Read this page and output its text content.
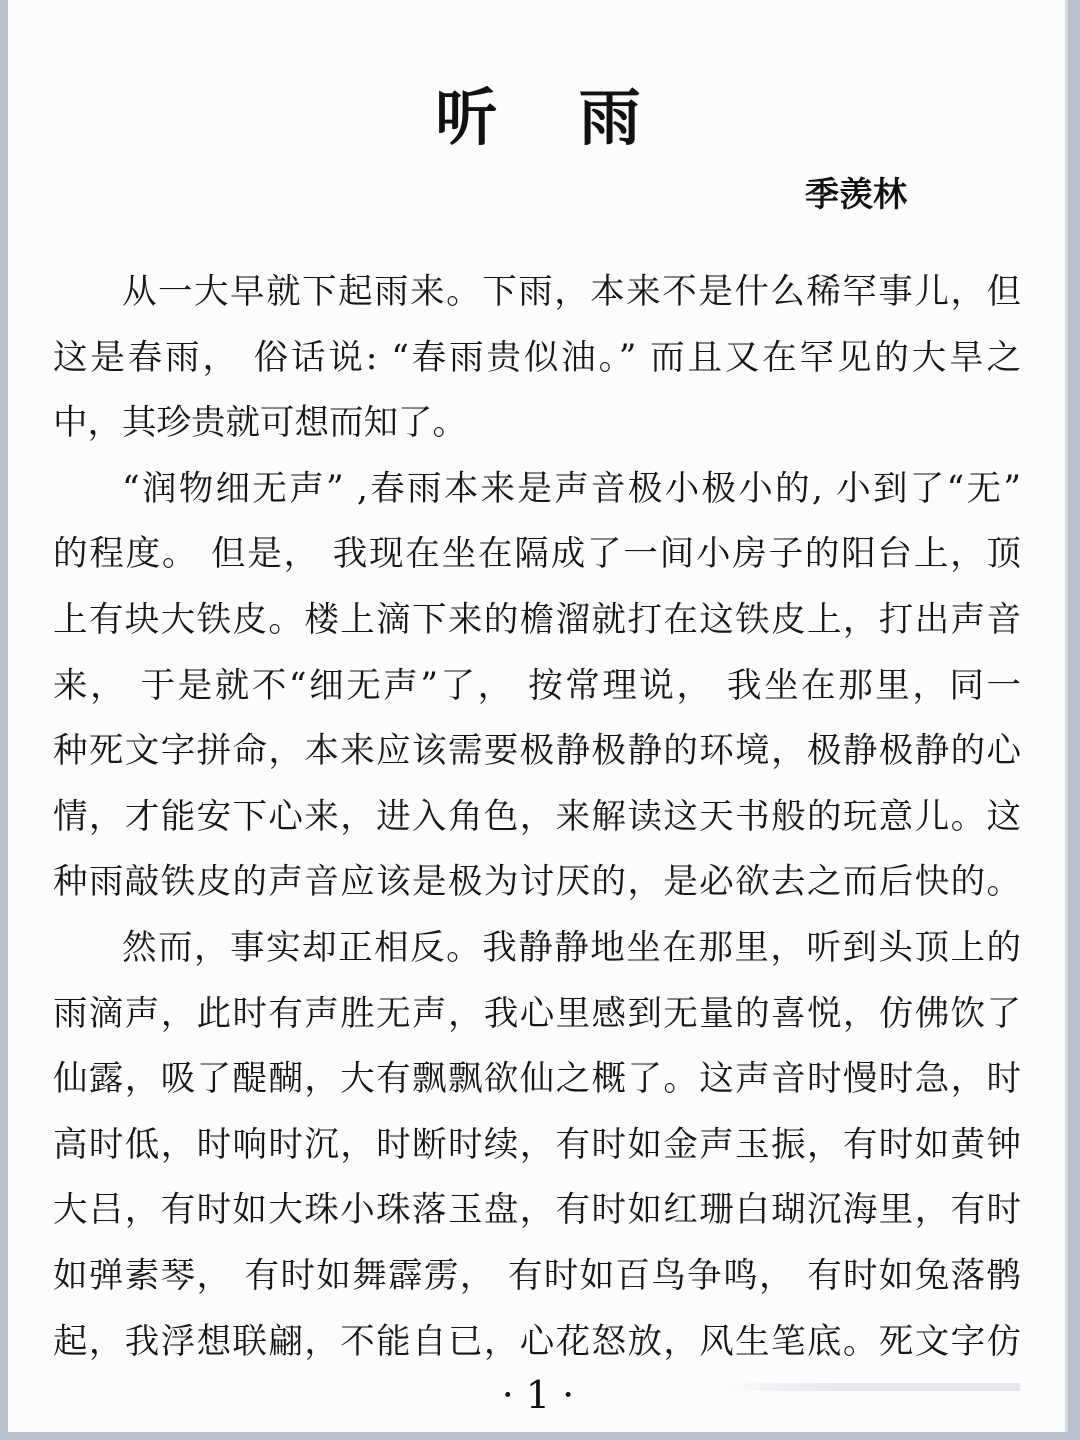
听 雨
季羡林
从一大早就下起雨来。下雨，本来不是什么稀罕事儿，但
这是春雨， 俗话说: “春雨贵似油。” 而且又在罕见的大旱之
中，其珍贵就可想而知了。
“润物细无声” ,春雨本来是声音极小极小的, 小到了“无”
的程度。 但是， 我现在坐在隔成了一间小房子的阳台上，顶
上有块大铁皮。楼上滴下来的檐溜就打在这铁皮上，打出声音
来， 于是就不“细无声”了， 按常理说， 我坐在那里，同一
种死文字拼命，本来应该需要极静极静的环境，极静极静的心
情，才能安下心来，进入角色，来解读这天书般的玩意儿。这
种雨敲铁皮的声音应该是极为讨厌的，是必欲去之而后快的。
然而，事实却正相反。我静静地坐在那里，听到头顶上的
雨滴声，此时有声胜无声，我心里感到无量的喜悦，仿佛饮了
仙露，吸了醍醐，大有飘飘欲仙之概了。这声音时慢时急，时
高时低，时响时沉，时断时续，有时如金声玉振，有时如黄钟
大吕，有时如大珠小珠落玉盘，有时如红珊白瑚沉海里，有时
如弹素琴， 有时如舞霹雳， 有时如百鸟争鸣， 有时如兔落鹘
起，我浮想联翩，不能自已，心花怒放，风生笔底。死文字仿
· 1 ·
